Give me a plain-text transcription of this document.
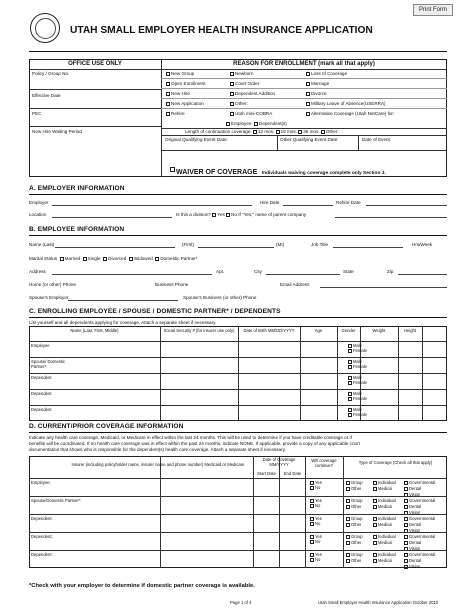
Print Form
UTAH SMALL EMPLOYER HEALTH INSURANCE APPLICATION
OFFICE USE ONLY
Policy / Group No.
Effective Date
PEC
New Hire Waiting Period
REASON FOR ENROLLMENT (mark all that apply)
New Group	Newborn	Loss of Coverage
Open Enrollment	Court Order	Marriage
New Hire	Dependent Addition	Divorce
New Application	Other:	Military Leave of Absence(USERRA)
Rehire	Utah mini-COBRA	Alternative Coverage (Utah NetCare) for:
Employee Dependent(s)
Length of continuation coverage: 12 mos. 18 mos. 36 mos. Other:
Original Qualifying Event Date:	Other Qualifying Event Date:	Date of Event:
WAIVER OF COVERAGE Individuals waiving coverage complete only Section J.
A. EMPLOYER INFORMATION
Employer	Hire Date	Rehire Date
Location	Is this a division? Yes No If "Yes," name of parent company
B. EMPLOYEE INFORMATION
Name (Last)	(First)	(MI)	Job Title	Hrs/Week
Marital Status Married Single Divorced Widowed Domestic Partner*
Address	Apt.	City	State	Zip
Home (or other) Phone	Business Phone	Email Address
Spouse's Employer	Spouse's Business (or other) Phone
C. ENROLLING EMPLOYEE / SPOUSE / DOMESTIC PARTNER* / DEPENDENTS
List yourself and all dependents applying for coverage. Attach a separate sheet if necessary.
Name (Last, First, Middle)	Social Security # (for insurer use only)	Date of Birth MM/DD/YYYY	Age	Gender	Weight	Height
Employee	Male
Female
Spouse/ Domestic Partner*
Male
Female
Dependent	Male
Female
Dependent	Male
Female
Dependent	Male
Female
D. CURRENT/PRIOR COVERAGE INFORMATION
Indicate any health care coverage, Medicaid, or Medicare in effect within the last 24 months. This will be used to determine if you have creditable coverage or if
benefits will be coordinated. If no health care coverage was in effect within the past 24 months, indicate NONE. If applicable, provide a copy of any applicable court
documentation that shows who is responsible for the dependent(s) health care coverage. Attach a separate sheet if necessary.
Insurer (including policyholder name, insurer name and phone number) Medicaid or Medicare
Date of Coverage MM/YYYY
Start Date	End Date
Will coverage continue?
Type of Coverage (Check all that apply)
Employee:	Yes
No
Group	Individual	Governmental
Other	Medical	Dental
Vision
Spouse/Domestic Partner*:	Yes
No
Group	Individual	Governmental
Other	Medical	Dental
Vision
Dependent:	Yes
No
Group	Individual	Governmental
Other	Medical	Dental
Vision
Dependent:	Yes
No
Group	Individual	Governmental
Other	Medical	Dental
Vision
Dependent:	Yes
No
Group	Individual	Governmental
Other	Medical	Dental
Vision
*Check with your employer to determine if domestic partner coverage is available.
Page 1 of 4	Utah Small Employer Health Insurance Application October 2010
